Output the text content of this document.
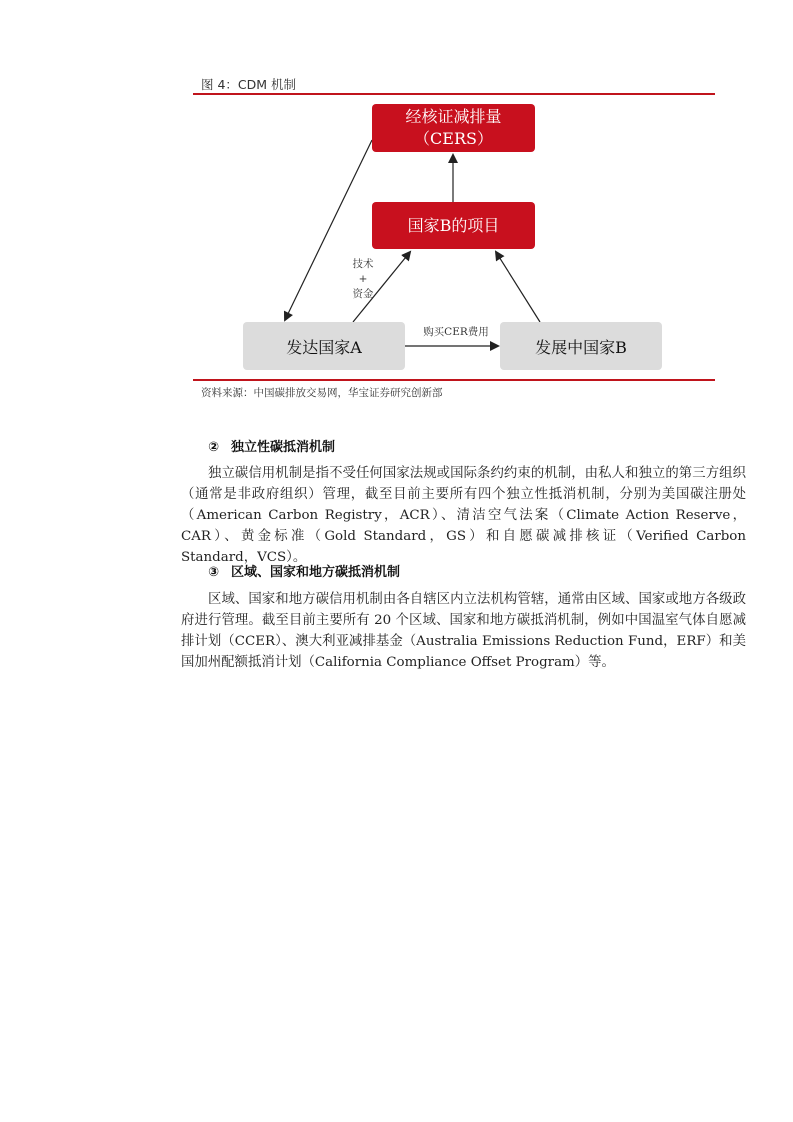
图 4：CDM 机制
经核证减排量
（CERS）
国家B的项目
发达国家A	发展中国家B
技术
+
资金
购买CER费用
资料来源：中国碳排放交易网，华宝证券研究创新部
② 独立性碳抵消机制
独立碳信用机制是指不受任何国家法规或国际条约约束的机制，由私人和独立的第三方组织（通常是非政府组织）管理，截至目前主要所有四个独立性抵消机制，分别为美国碳注册处（American Carbon Registry，ACR）、清洁空气法案（Climate Action Reserve，CAR）、黄金标准（Gold Standard，GS）和自愿碳减排核证（Verified Carbon Standard，VCS）。
③ 区域、国家和地方碳抵消机制
区域、国家和地方碳信用机制由各自辖区内立法机构管辖，通常由区域、国家或地方各级政府进行管理。截至目前主要所有 20 个区域、国家和地方碳抵消机制，例如中国温室气体自愿减排计划（CCER）、澳大利亚减排基金（Australia Emissions Reduction Fund，ERF）和美国加州配额抵消计划（California Compliance Offset Program）等。
